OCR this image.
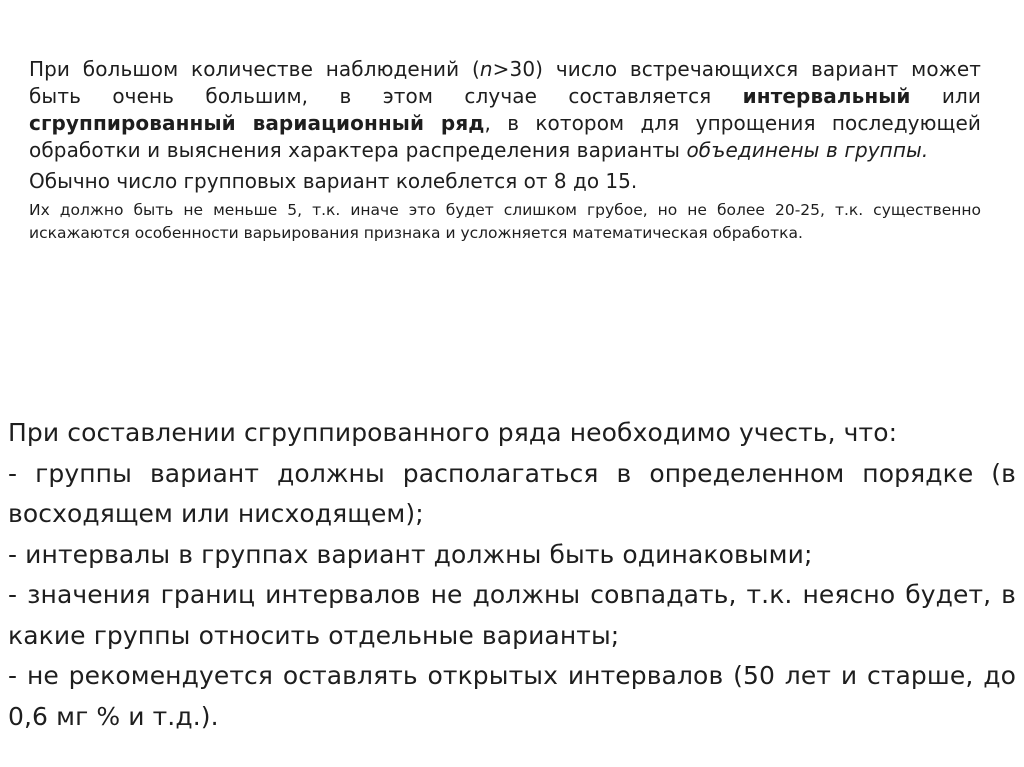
При большом количестве наблюдений (n>30) число встречающихся вариант может быть очень большим, в этом случае составляется интервальный или сгруппированный вариационный ряд, в котором для упрощения последующей обработки и выяснения характера распределения варианты объединены в группы.

Обычно число групповых вариант колеблется от 8 до 15.

Их должно быть не меньше 5, т.к. иначе это будет слишком грубое, но не более 20-25, т.к. существенно искажаются особенности варьирования признака и усложняется математическая обработка.

При составлении сгруппированного ряда необходимо учесть, что:

- группы вариант должны располагаться в определенном порядке (в восходящем или нисходящем);

- интервалы в группах вариант должны быть одинаковыми;

- значения границ интервалов не должны совпадать, т.к. неясно будет, в какие группы относить отдельные варианты;

- не рекомендуется оставлять открытых интервалов (50 лет и старше, до 0,6 мг % и т.д.).
